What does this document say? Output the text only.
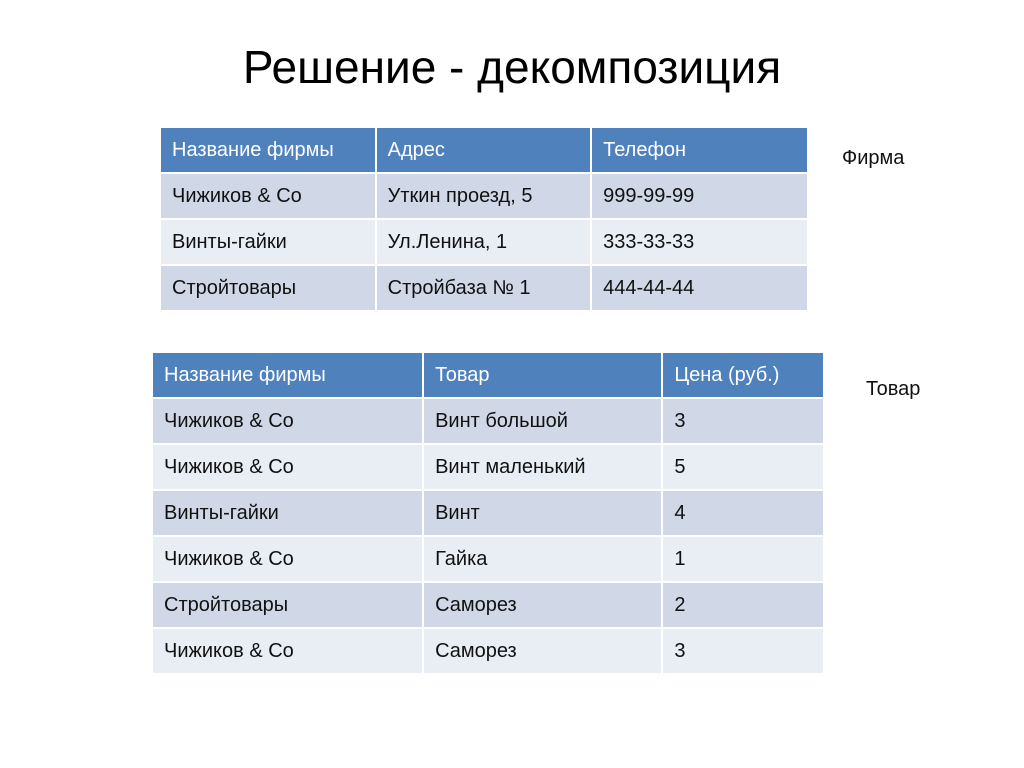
Решение - декомпозиция
Название фирмы	Адрес	Телефон
Чижиков & Co	Уткин проезд, 5	999-99-99
Винты-гайки	Ул.Ленина, 1	333-33-33
Стройтовары	Стройбаза № 1	444-44-44
Фирма
Название фирмы	Товар	Цена (руб.)
Чижиков & Co	Винт большой	3
Чижиков & Co	Винт маленький	5
Винты-гайки	Винт	4
Чижиков & Co	Гайка	1
Стройтовары	Саморез	2
Чижиков & Co	Саморез	3
Товар
